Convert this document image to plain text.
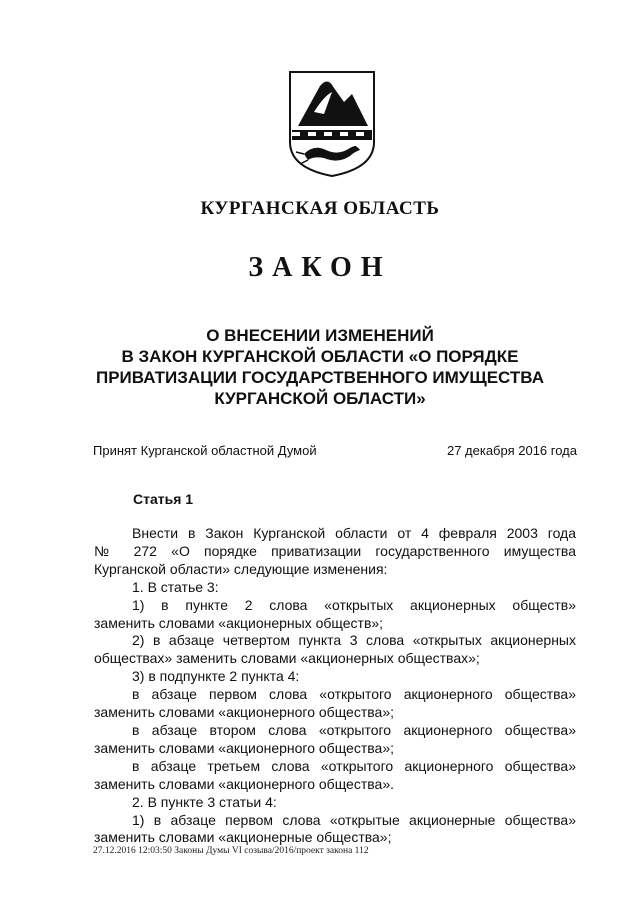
КУРГАНСКАЯ ОБЛАСТЬ
ЗАКОН
О ВНЕСЕНИИ ИЗМЕНЕНИЙ
В ЗАКОН КУРГАНСКОЙ ОБЛАСТИ «О ПОРЯДКЕ
ПРИВАТИЗАЦИИ ГОСУДАРСТВЕННОГО ИМУЩЕСТВА
КУРГАНСКОЙ ОБЛАСТИ»
Принят Курганской областной Думой	27 декабря 2016 года
Статья 1

Внести в Закон Курганской области от 4 февраля 2003 года

№ 272 «О порядке приватизации государственного имущества

Курганской области» следующие изменения:

1. В статье 3:

1) в пункте 2 слова «открытых акционерных обществ»

заменить словами «акционерных обществ»;

2) в абзаце четвертом пункта 3 слова «открытых акционерных

обществах» заменить словами «акционерных обществах»;

3) в подпункте 2 пункта 4:

в абзаце первом слова «открытого акционерного общества»

заменить словами «акционерного общества»;

в абзаце втором слова «открытого акционерного общества»

заменить словами «акционерного общества»;

в абзаце третьем слова «открытого акционерного общества»

заменить словами «акционерного общества».

2. В пункте 3 статьи 4:

1) в абзаце первом слова «открытые акционерные общества»

заменить словами «акционерные общества»;

27.12.2016 12:03:50 Законы Думы VI созыва/2016/проект закона 112
